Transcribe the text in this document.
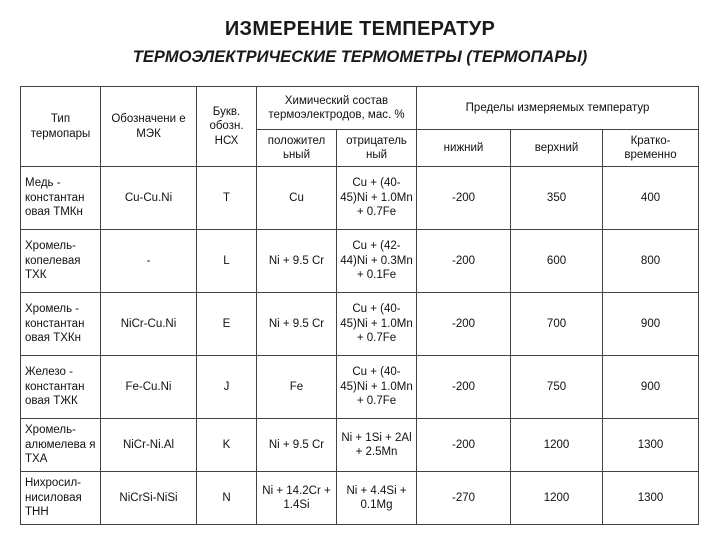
ИЗМЕРЕНИЕ ТЕМПЕРАТУР
ТЕРМОЭЛЕКТРИЧЕСКИЕ ТЕРМОМЕТРЫ (ТЕРМОПАРЫ)
Тип термопары	Обозначени е МЭК	Букв. обозн. НСХ	Химический состав термоэлектродов, мас. %		Пределы измеряемых температур		
			положител ьный	отрицатель ный	нижний	верхний	Кратко- временно
Медь - константан овая ТМКн	Cu-Cu.Ni	T	Cu	Cu + (40-45)Ni + 1.0Mn + 0.7Fe	-200	350	400
Хромель- копелевая ТХК	-	L	Ni + 9.5 Cr	Cu + (42-44)Ni + 0.3Mn + 0.1Fe	-200	600	800
Хромель - константан овая ТХКн	NiCr-Cu.Ni	E	Ni + 9.5 Cr	Cu + (40-45)Ni + 1.0Mn + 0.7Fe	-200	700	900
Железо - константан овая ТЖК	Fe-Cu.Ni	J	Fe	Cu + (40-45)Ni + 1.0Mn + 0.7Fe	-200	750	900
Хромель- алюмелева я ТХА	NiCr-Ni.Al	K	Ni + 9.5 Cr	Ni + 1Si + 2Al + 2.5Mn	-200	1200	1300
Нихросил- нисиловая ТНН	NiCrSi-NiSi	N	Ni + 14.2Cr + 1.4Si	Ni + 4.4Si + 0.1Mg	-270	1200	1300
